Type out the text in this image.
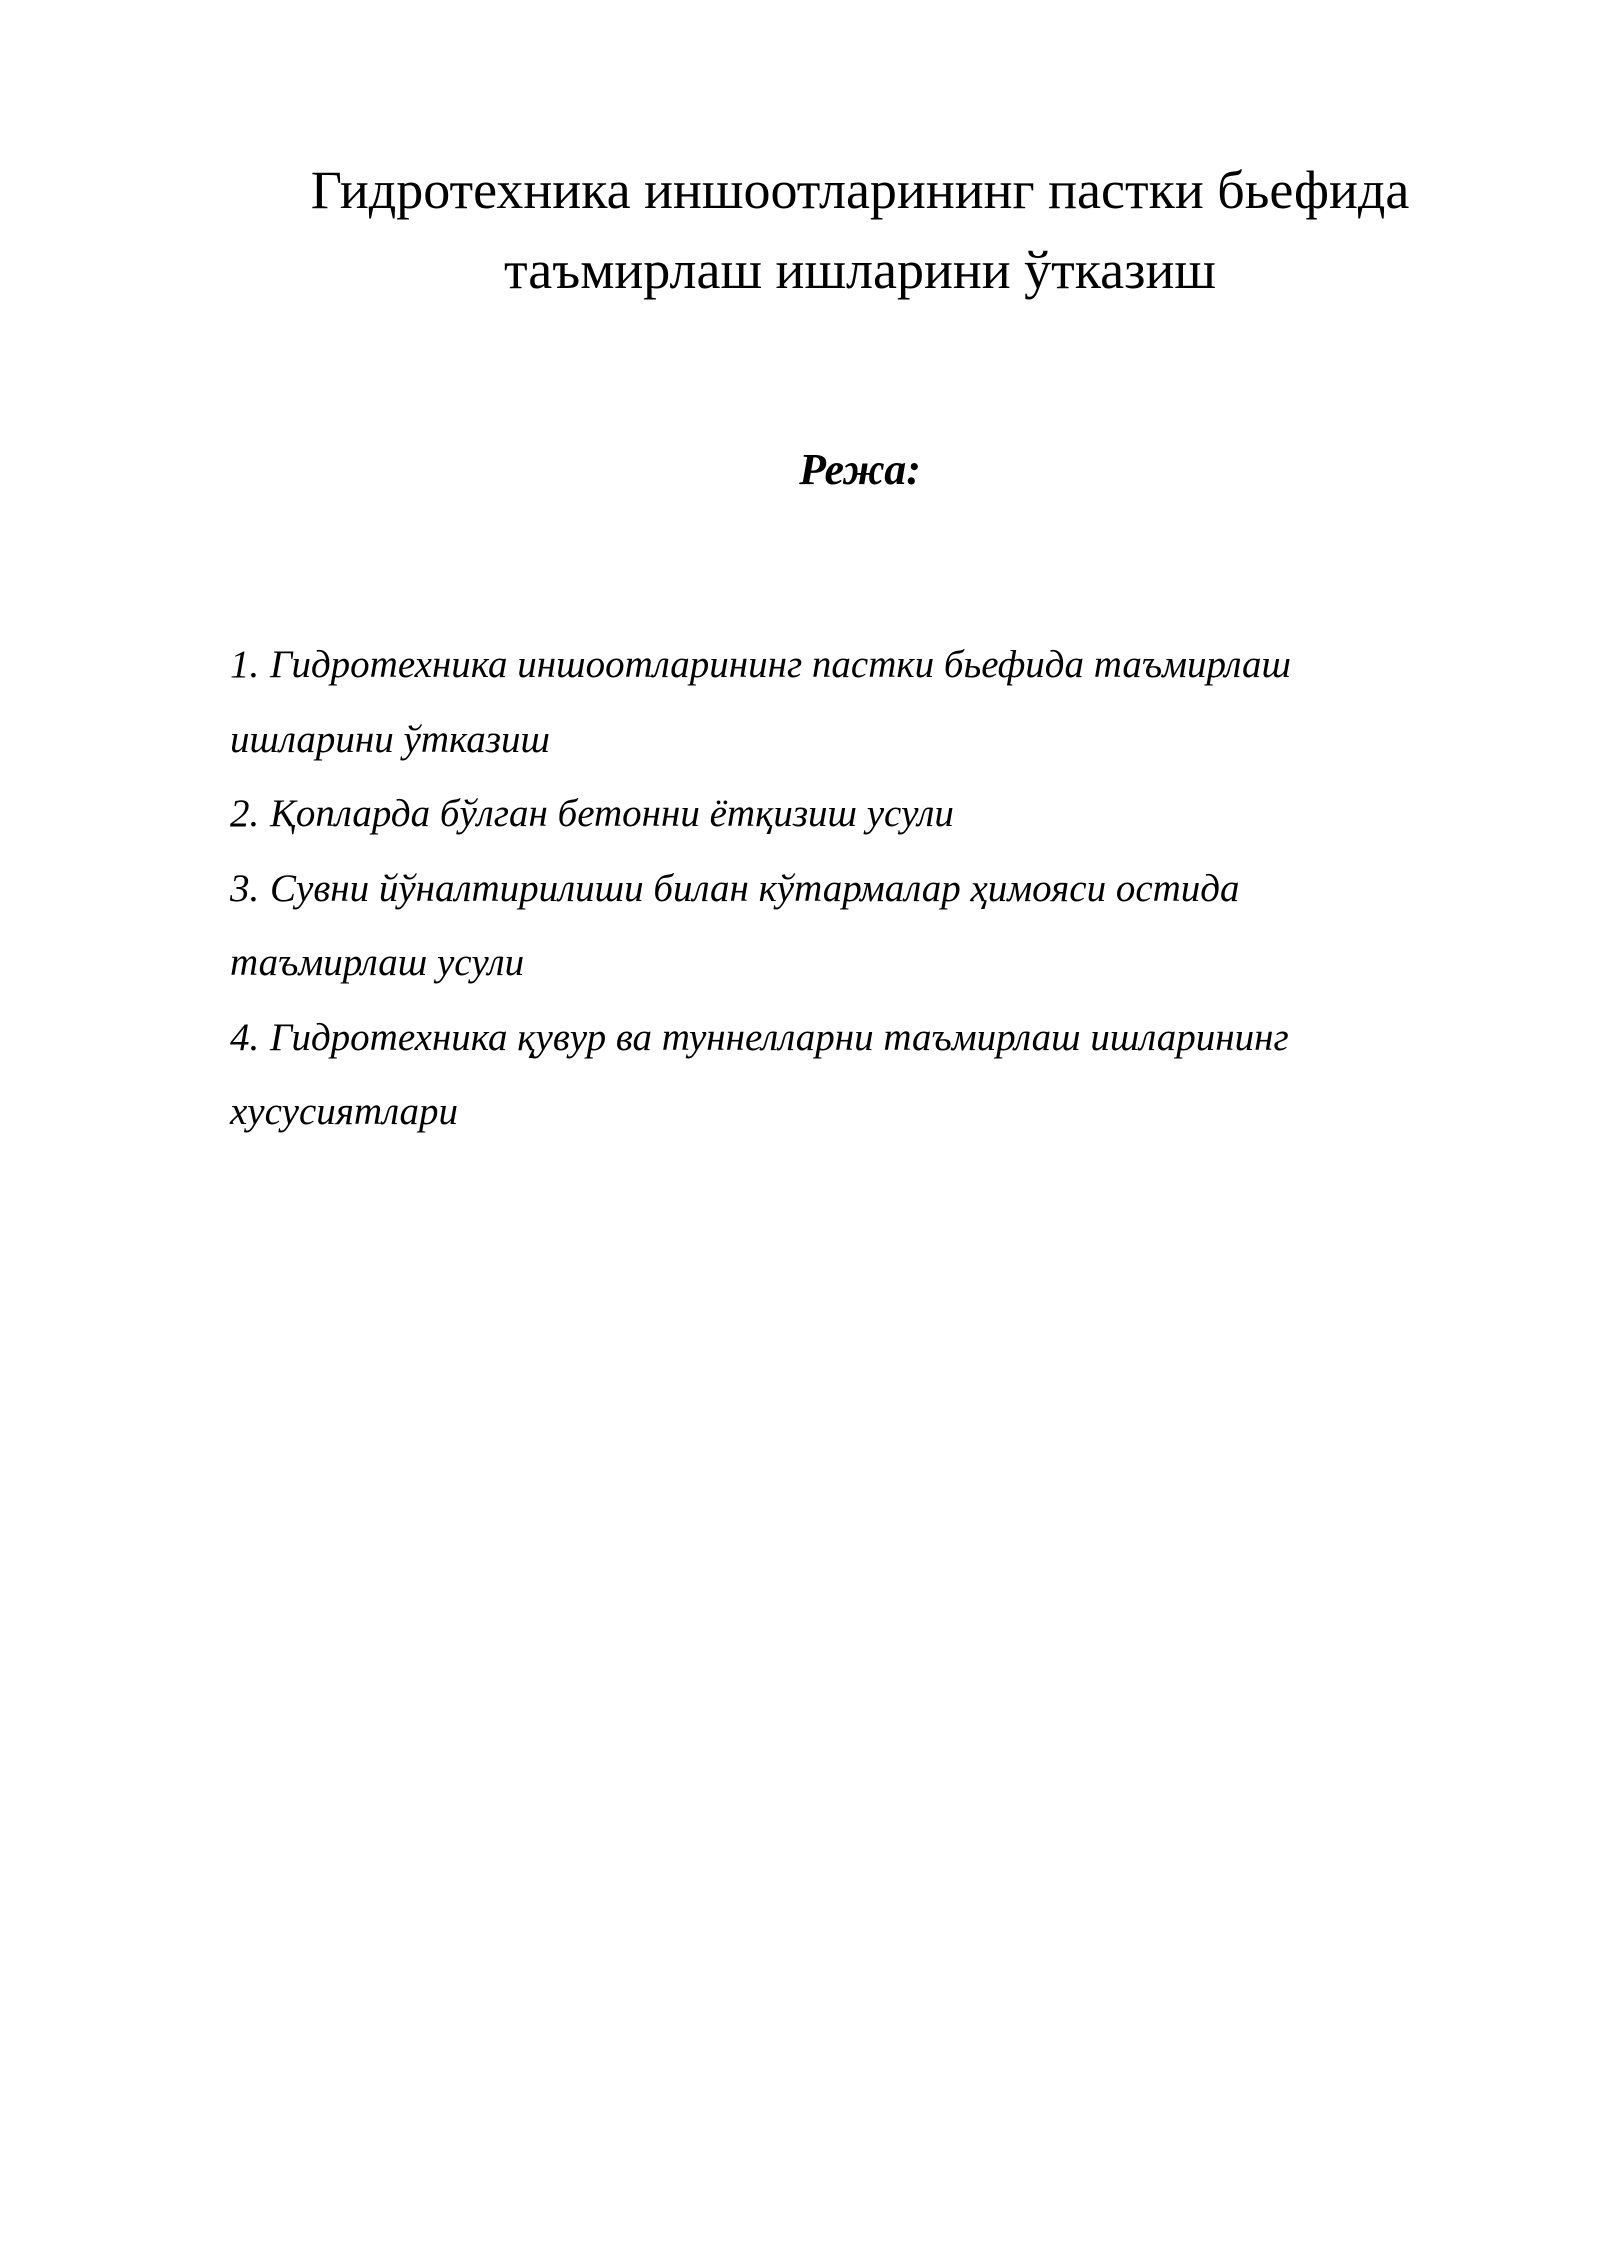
Гидротехника иншоотларининг пастки бьефида
таъмирлаш ишларини ўтказиш
Режа:
1. Гидротехника иншоотларининг пастки бьефида таъмирлаш ишларини ўтказиш
2. Қопларда бўлган бетонни ётқизиш усули
3. Сувни йўналтирилиши билан кўтармалар ҳимояси остида таъмирлаш усули
4. Гидротехника қувур ва туннелларни таъмирлаш ишларининг хусусиятлари
